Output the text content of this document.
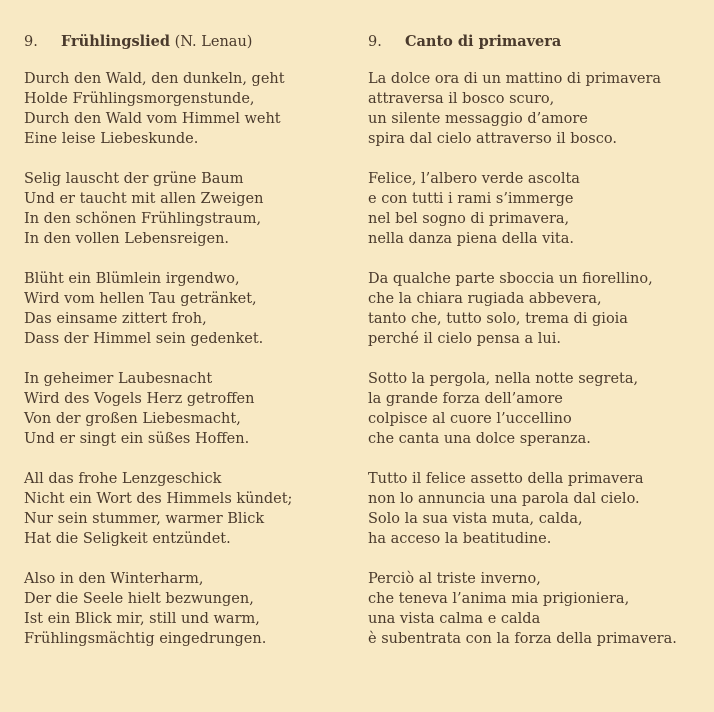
9. Frühlingslied (N. Lenau)
Durch den Wald, den dunkeln, geht
Holde Frühlingsmorgenstunde,
Durch den Wald vom Himmel weht
Eine leise Liebeskunde.
Selig lauscht der grüne Baum
Und er taucht mit allen Zweigen
In den schönen Frühlingstraum,
In den vollen Lebensreigen.
Blüht ein Blümlein irgendwo,
Wird vom hellen Tau getränket,
Das einsame zittert froh,
Dass der Himmel sein gedenket.
In geheimer Laubesnacht
Wird des Vogels Herz getroffen
Von der großen Liebesmacht,
Und er singt ein süßes Hoffen.
All das frohe Lenzgeschick
Nicht ein Wort des Himmels kündet;
Nur sein stummer, warmer Blick
Hat die Seligkeit entzündet.
Also in den Winterharm,
Der die Seele hielt bezwungen,
Ist ein Blick mir, still und warm,
Frühlingsmächtig eingedrungen.
9. Canto di primavera
La dolce ora di un mattino di primavera
attraversa il bosco scuro,
un silente messaggio d’amore
spira dal cielo attraverso il bosco.
Felice, l’albero verde ascolta
e con tutti i rami s’immerge
nel bel sogno di primavera,
nella danza piena della vita.
Da qualche parte sboccia un fiorellino,
che la chiara rugiada abbevera,
tanto che, tutto solo, trema di gioia
perché il cielo pensa a lui.
Sotto la pergola, nella notte segreta,
la grande forza dell’amore
colpisce al cuore l’uccellino
che canta una dolce speranza.
Tutto il felice assetto della primavera
non lo annuncia una parola dal cielo.
Solo la sua vista muta, calda,
ha acceso la beatitudine.
Perciò al triste inverno,
che teneva l’anima mia prigioniera,
una vista calma e calda
è subentrata con la forza della primavera.
